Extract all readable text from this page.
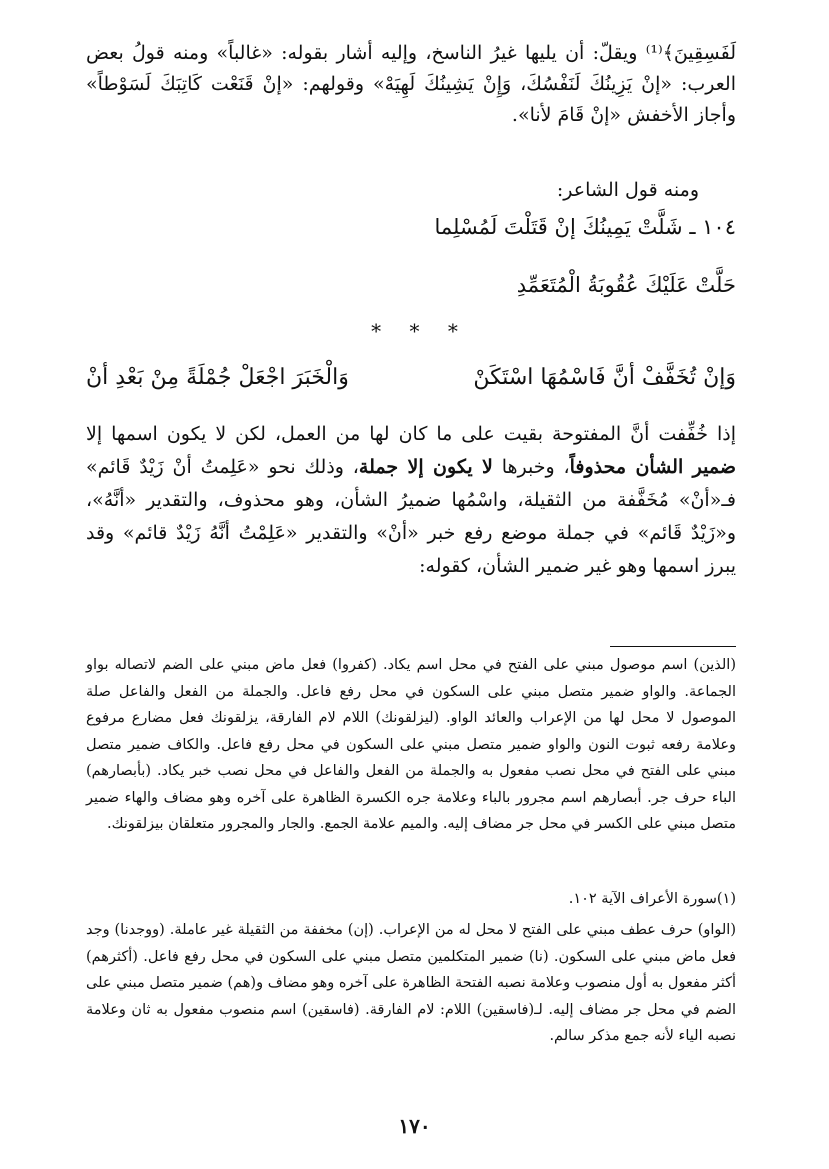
لَفَسِقِينَ﴾⁽¹⁾ ويقلّ: أن يليها غيرُ الناسخ، وإليه أشار بقوله: «غالباً» ومنه قولُ بعض العرب: «إنْ يَزِينُكَ لَنَفْسُكَ، وَإِنْ يَشِينُكَ لَهِيَهْ» وقولهم: «إنْ قَنَعْت كَاتِبَكَ لَسَوْطاً» وأجاز الأخفش «إنْ قَامَ لأنا».
ومنه قول الشاعر:
١٠٤ ـ شَلَّتْ يَمِينُكَ إنْ قَتَلْتَ لَمُسْلِما
حَلَّتْ عَلَيْكَ عُقُوبَةُ الْمُتَعَمِّدِ
* * *
وَإنْ تُخَفَّفْ أنَّ فَاسْمُهَا اسْتَكَنْ
وَالْخَبَرَ اجْعَلْ جُمْلَةً مِنْ بَعْدِ أنْ
إذا خُفِّفت أنَّ المفتوحة بقيت على ما كان لها من العمل، لكن لا يكون اسمها إلا ضمير الشأن محذوفاً، وخبرها لا يكون إلا جملة، وذلك نحو «عَلِمتُ أنْ زَيْدٌ قَائم» فـ«أنْ» مُخَفَّفة من الثقيلة، واسْمُها ضميرُ الشأن، وهو محذوف، والتقدير «أنَّهُ»، و«زَيْدٌ قَائم» في جملة موضع رفع خبر «أنْ» والتقدير «عَلِمْتُ أنَّهُ زَيْدٌ قائم» وقد يبرز اسمها وهو غير ضمير الشأن، كقوله:
(الذين) اسم موصول مبني على الفتح في محل اسم يكاد. (كفروا) فعل ماض مبني على الضم لاتصاله بواو الجماعة. والواو ضمير متصل مبني على السكون في محل رفع فاعل. والجملة من الفعل والفاعل صلة الموصول لا محل لها من الإعراب والعائد الواو. (ليزلقونك) اللام لام الفارقة، يزلقونك فعل مضارع مرفوع وعلامة رفعه ثبوت النون والواو ضمير متصل مبني على السكون في محل رفع فاعل. والكاف ضمير متصل مبني على الفتح في محل نصب مفعول به والجملة من الفعل والفاعل في محل نصب خبر يكاد. (بأبصارهم) الباء حرف جر. أبصارهم اسم مجرور بالباء وعلامة جره الكسرة الظاهرة على آخره وهو مضاف والهاء ضمير متصل مبني على الكسر في محل جر مضاف إليه. والميم علامة الجمع. والجار والمجرور متعلقان بيزلقونك.
(١)سورة الأعراف الآية ١٠٢.
(الواو) حرف عطف مبني على الفتح لا محل له من الإعراب. (إن) مخففة من الثقيلة غير عاملة. (ووجدنا) وجد فعل ماض مبني على السكون. (نا) ضمير المتكلمين متصل مبني على السكون في محل رفع فاعل. (أكثرهم) أكثر مفعول به أول منصوب وعلامة نصبه الفتحة الظاهرة على آخره وهو مضاف و(هم) ضمير متصل مبني على الضم في محل جر مضاف إليه. لـ(فاسقين) اللام: لام الفارقة. (فاسقين) اسم منصوب مفعول به ثان وعلامة نصبه الياء لأنه جمع مذكر سالم.
١٧٠
